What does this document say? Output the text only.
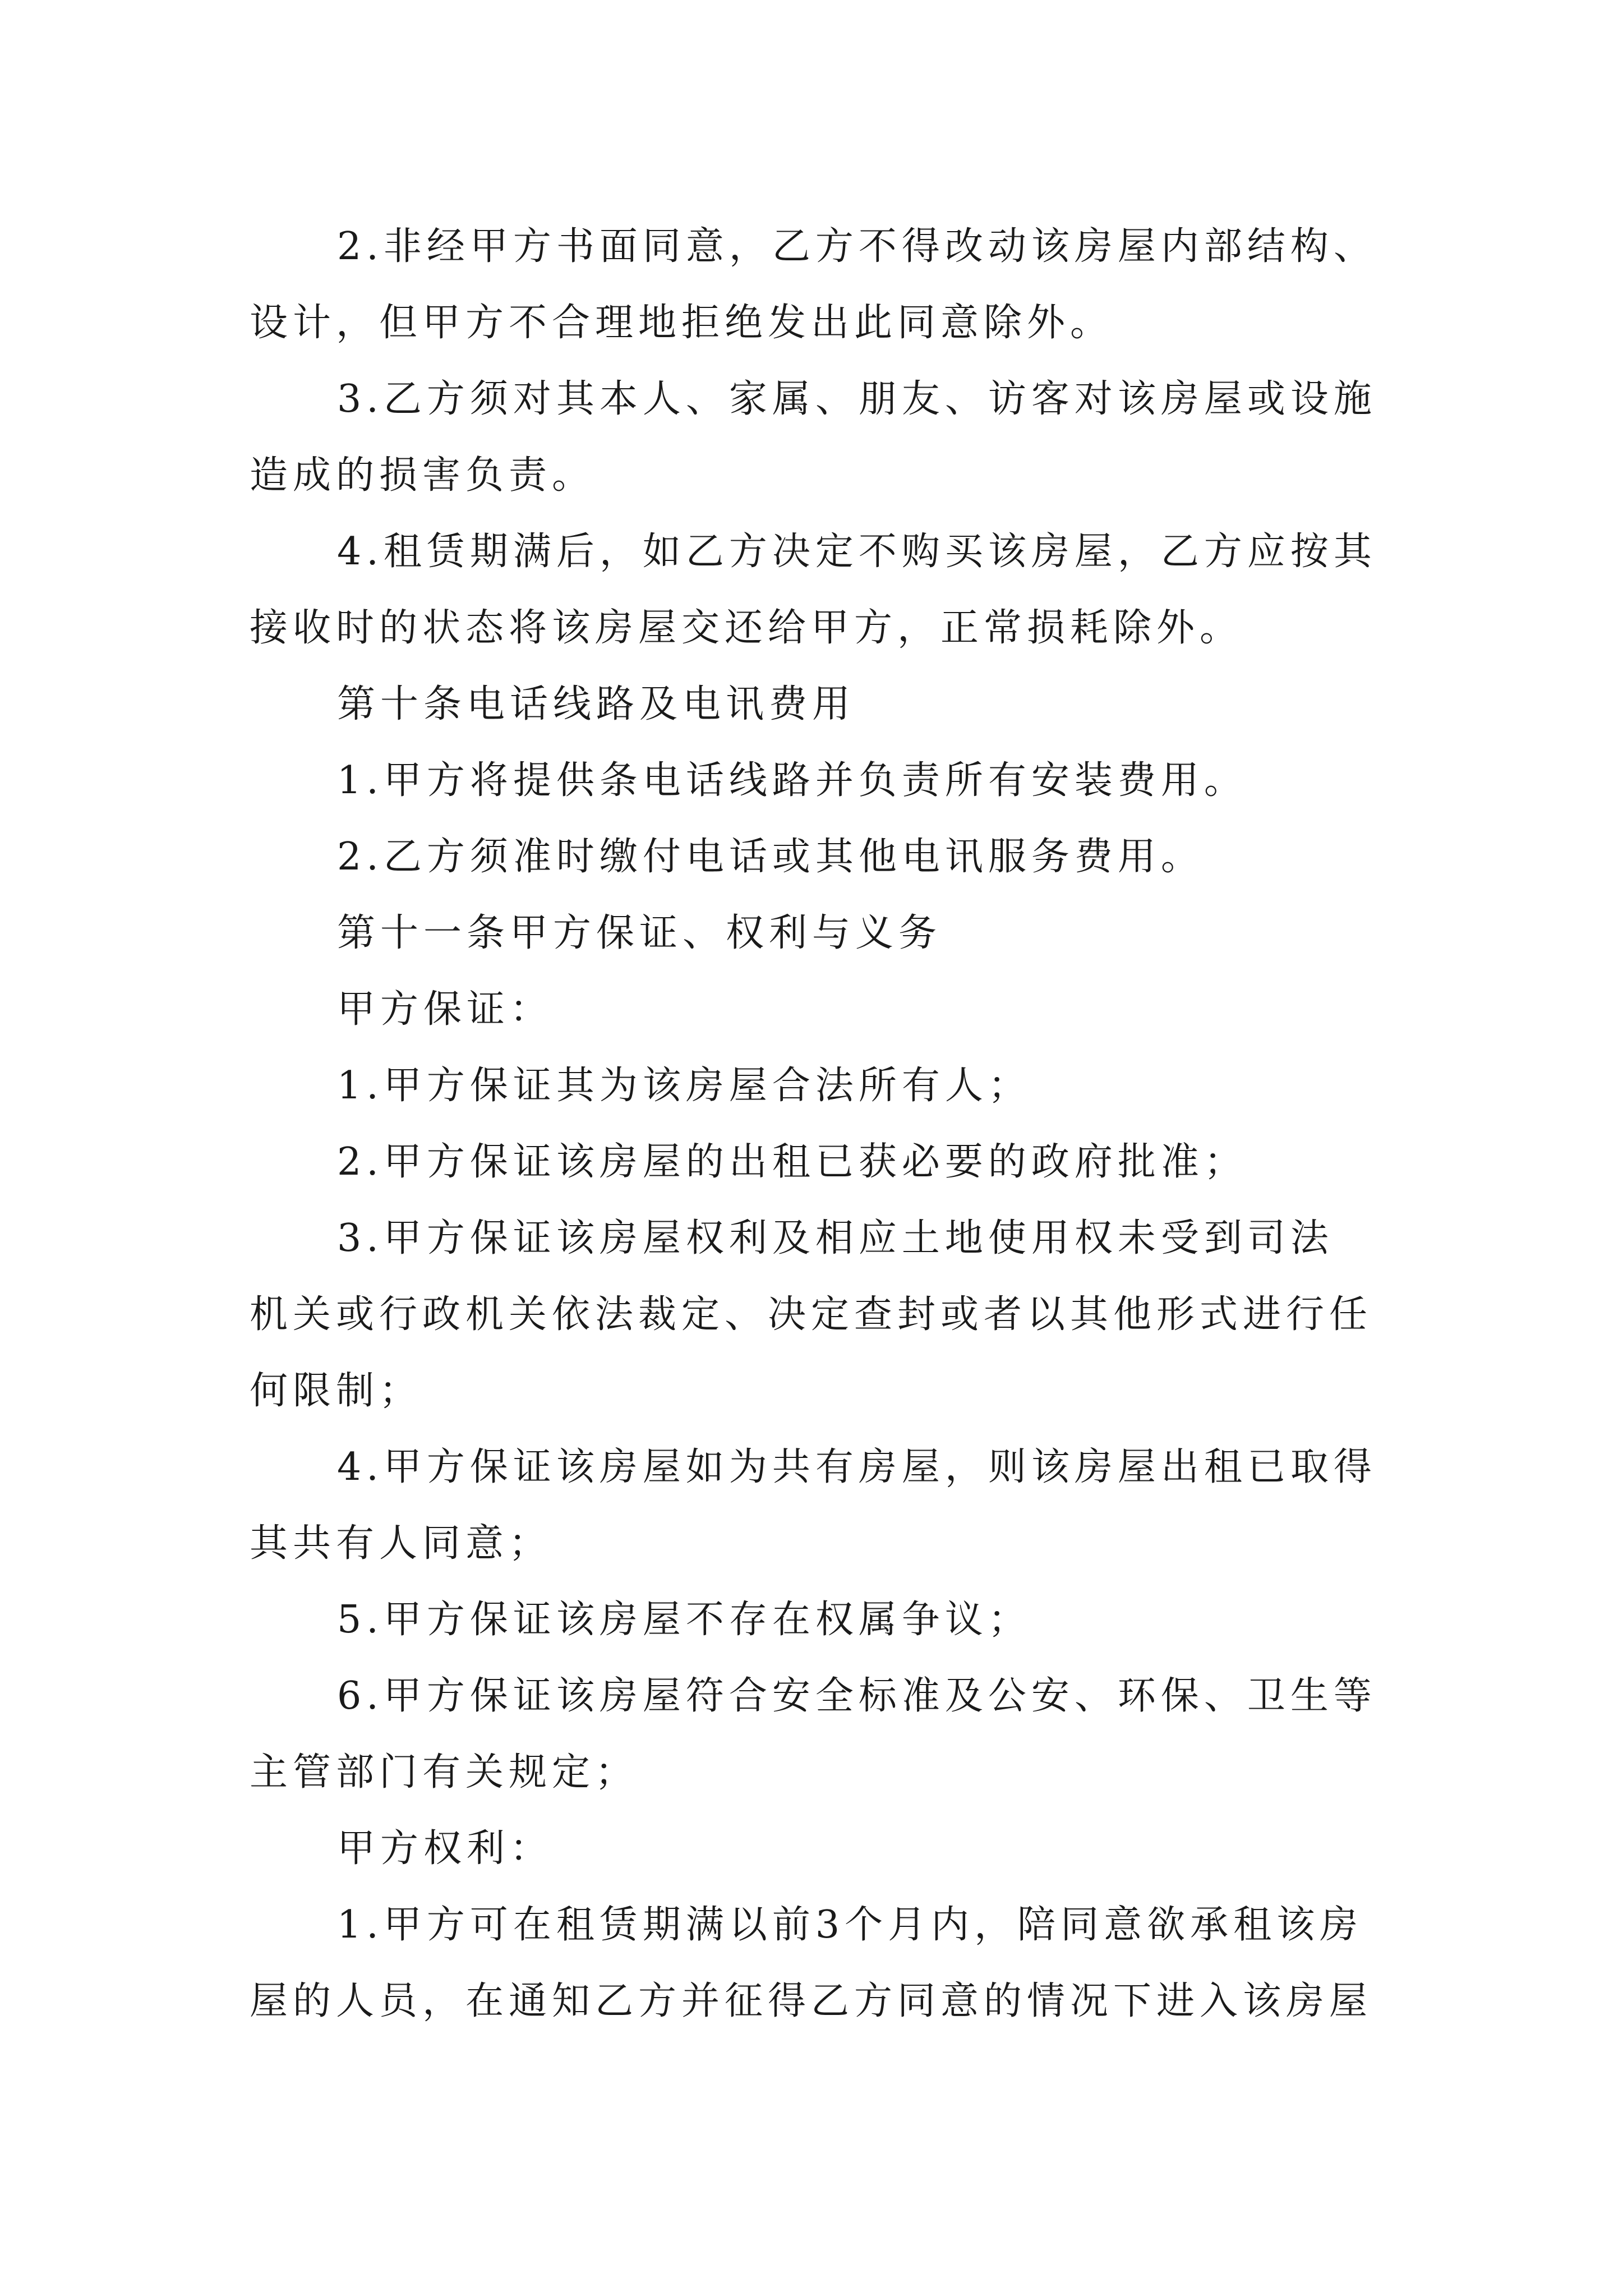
2.非经甲方书面同意，乙方不得改动该房屋内部结构、
设计，但甲方不合理地拒绝发出此同意除外。
3.乙方须对其本人、家属、朋友、访客对该房屋或设施
造成的损害负责。
4.租赁期满后，如乙方决定不购买该房屋，乙方应按其
接收时的状态将该房屋交还给甲方，正常损耗除外。
第十条电话线路及电讯费用
1.甲方将提供条电话线路并负责所有安装费用。
2.乙方须准时缴付电话或其他电讯服务费用。
第十一条甲方保证、权利与义务
甲方保证：
1.甲方保证其为该房屋合法所有人；
2.甲方保证该房屋的出租已获必要的政府批准；
3.甲方保证该房屋权利及相应土地使用权未受到司法
机关或行政机关依法裁定、决定查封或者以其他形式进行任
何限制；
4.甲方保证该房屋如为共有房屋，则该房屋出租已取得
其共有人同意；
5.甲方保证该房屋不存在权属争议；
6.甲方保证该房屋符合安全标准及公安、环保、卫生等
主管部门有关规定；
甲方权利：
1.甲方可在租赁期满以前3个月内，陪同意欲承租该房
屋的人员，在通知乙方并征得乙方同意的情况下进入该房屋
